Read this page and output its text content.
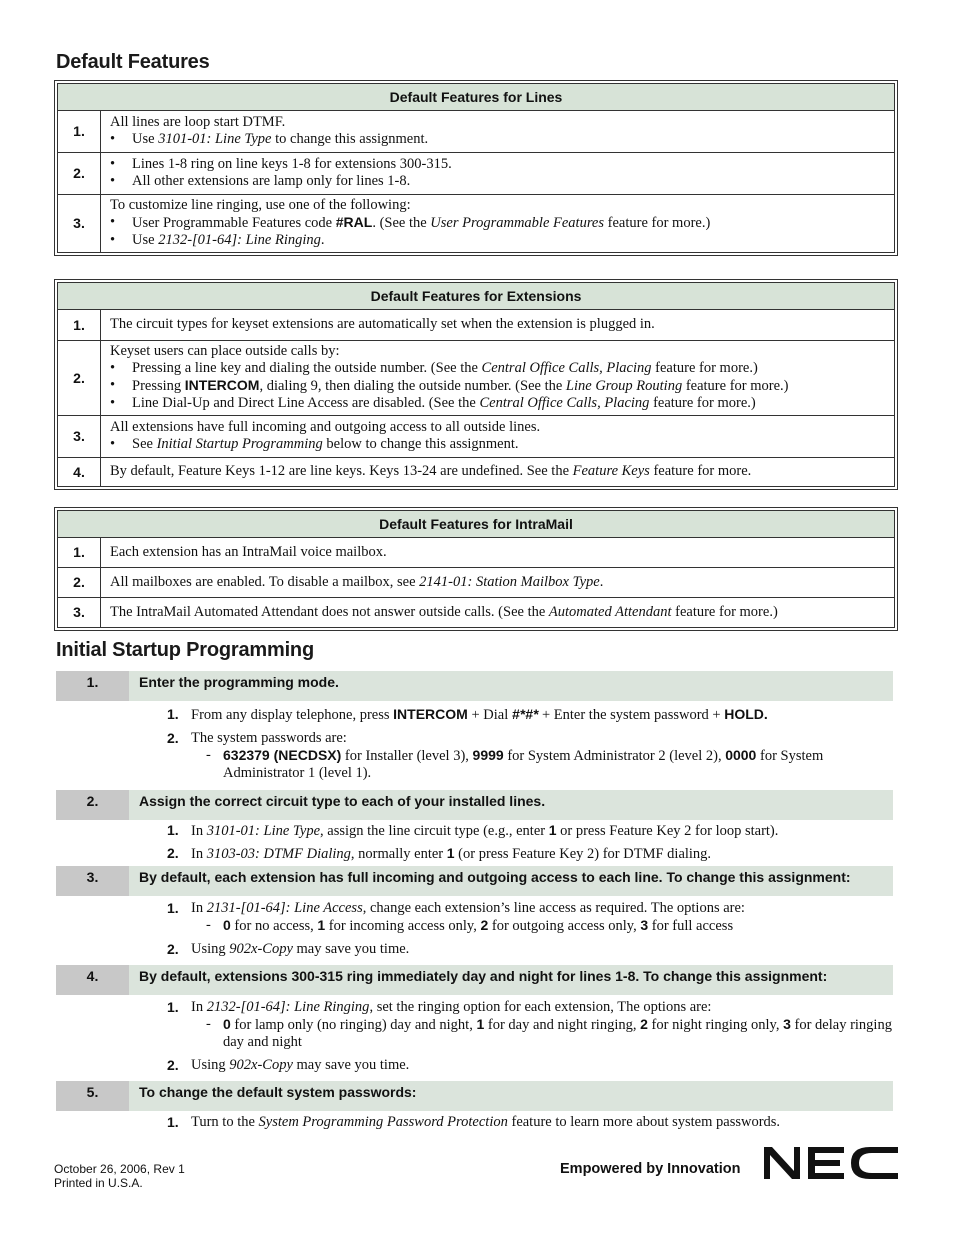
Default Features
Default Features for Lines	
1.	All lines are loop start DTMF.
• Use 3101-01: Line Type to change this assignment.

2.	• Lines 1-8 ring on line keys 1-8 for extensions 300-315.
• All other extensions are lamp only for lines 1-8.

3.	To customize line ringing, use one of the following:
• User Programmable Features code #RAL. (See the User Programmable Features feature for more.)
• Use 2132-[01-64]: Line Ringing.
Default Features for Extensions	
1.	The circuit types for keyset extensions are automatically set when the extension is plugged in.
2.	Keyset users can place outside calls by:
• Pressing a line key and dialing the outside number. (See the Central Office Calls, Placing feature for more.)
• Pressing INTERCOM, dialing 9, then dialing the outside number. (See the Line Group Routing feature for more.)
• Line Dial-Up and Direct Line Access are disabled. (See the Central Office Calls, Placing feature for more.)

3.	All extensions have full incoming and outgoing access to all outside lines.
• See Initial Startup Programming below to change this assignment.

4.	By default, Feature Keys 1-12 are line keys. Keys 13-24 are undefined. See the Feature Keys feature for more.
Default Features for IntraMail	
1.	Each extension has an IntraMail voice mailbox.
2.	All mailboxes are enabled. To disable a mailbox, see 2141-01: Station Mailbox Type.
3.	The IntraMail Automated Attendant does not answer outside calls. (See the Automated Attendant feature for more.)
Initial Startup Programming
1.	Enter the programming mode.
1. From any display telephone, press INTERCOM + Dial #*#* + Enter the system password + HOLD.
2. The system passwords are:
- 632379 (NECDSX) for Installer (level 3), 9999 for System Administrator 2 (level 2), 0000 for System Administrator 1 (level 1).
2.	Assign the correct circuit type to each of your installed lines.
1. In 3101-01: Line Type, assign the line circuit type (e.g., enter 1 or press Feature Key 2 for loop start).
2. In 3103-03: DTMF Dialing, normally enter 1 (or press Feature Key 2) for DTMF dialing.
3.	By default, each extension has full incoming and outgoing access to each line. To change this assignment:
1. In 2131-[01-64]: Line Access, change each extension’s line access as required. The options are:
- 0 for no access, 1 for incoming access only, 2 for outgoing access only, 3 for full access
2. Using 902x-Copy may save you time.
4.	By default, extensions 300-315 ring immediately day and night for lines 1-8. To change this assignment:
1. In 2132-[01-64]: Line Ringing, set the ringing option for each extension, The options are:
- 0 for lamp only (no ringing) day and night, 1 for day and night ringing, 2 for night ringing only, 3 for delay ringing day and night
2. Using 902x-Copy may save you time.
5.	To change the default system passwords:
1. Turn to the System Programming Password Protection feature to learn more about system passwords.
October 26, 2006, Rev 1
Printed in U.S.A.
Empowered by Innovation
